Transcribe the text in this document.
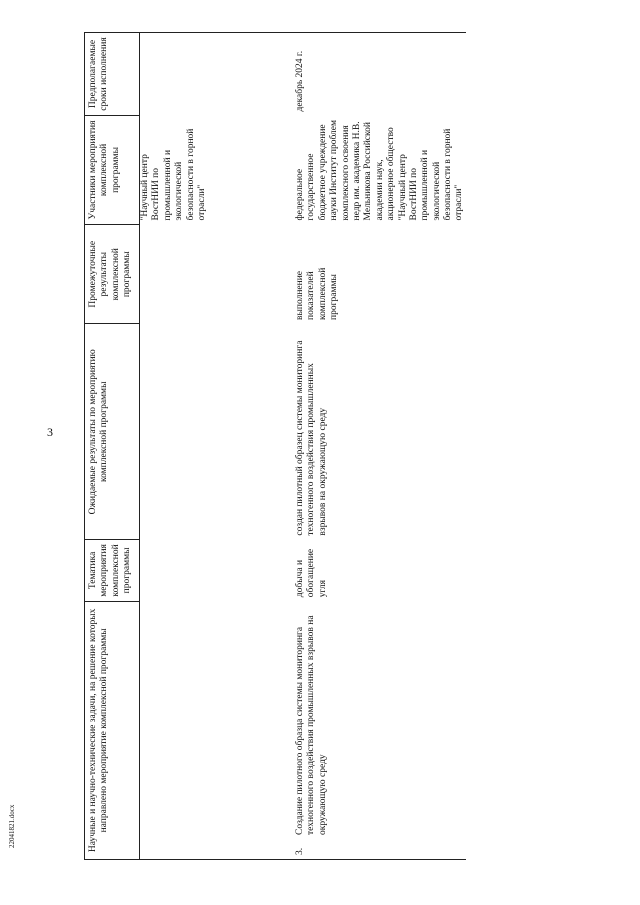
3
Научные и научно-технические задачи, на решение которых направлено мероприятие комплексной программы	Тематика мероприятия комплексной программы	Ожидаемые результаты по мероприятию комплексной программы	Промежуточные результаты комплексной программы	Участники мероприятия комплексной программы	Предполагаемые сроки исполнения
				"Научный центр ВостНИИ по промышленной и экологической безопасности в горной отрасли"	

3.
Создание пилотного образца системы мониторинга техногенного воздействия промышленных взрывов на окружающую среду	добыча и обогащение угля	создан пилотный образец системы мониторинга техногенного воздействия промышленных взрывов на окружающую среду	выполнение показателей комплексной программы	федеральное государственное бюджетное учреждение науки Институт проблем комплексного освоения недр им. академика Н.В. Мельникова Российской академии наук, акционерное общество "Научный центр ВостНИИ по промышленной и экологической безопасности в горной отрасли"	декабрь 2024 г.
22041821.docx
